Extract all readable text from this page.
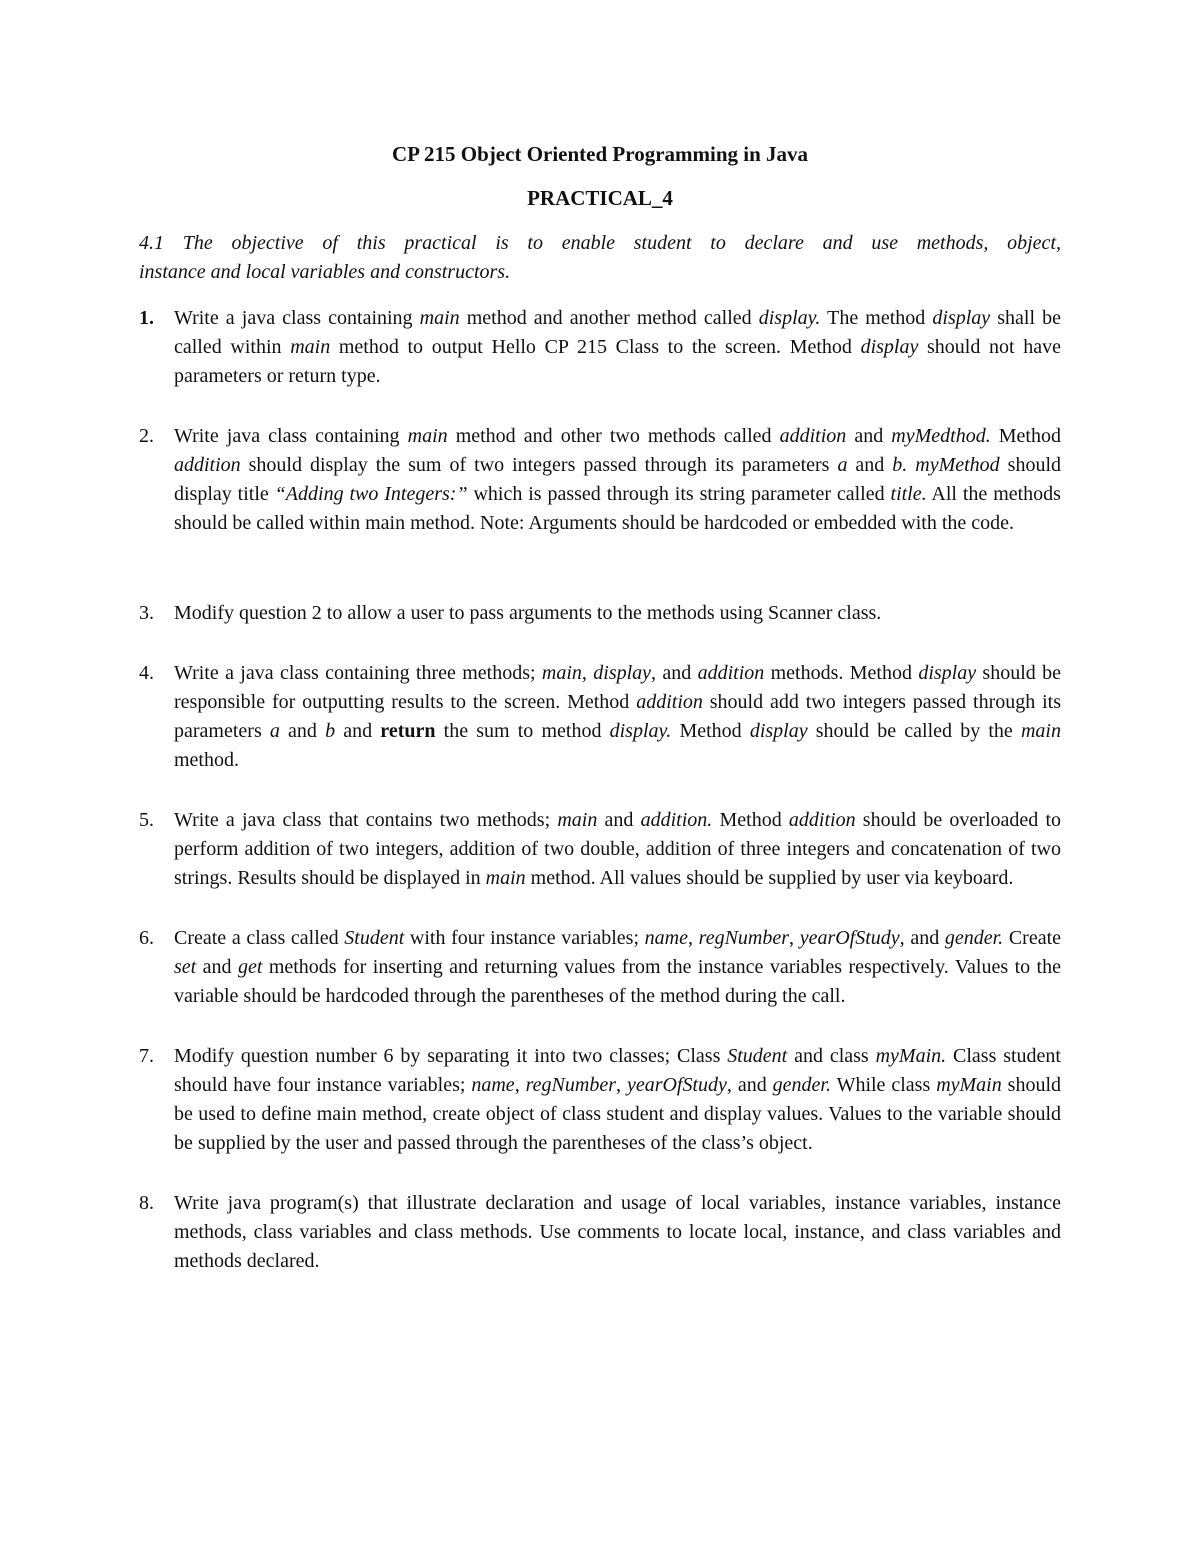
CP 215 Object Oriented Programming in Java

PRACTICAL_4

4.1 The objective of this practical is to enable student to declare and use methods, object,
instance and local variables and constructors.

1.	Write a java class containing main method and another method called display. The method display shall be called within main method to output Hello CP 215 Class to the screen. Method display should not have parameters or return type.
2.	Write java class containing main method and other two methods called addition and myMedthod. Method addition should display the sum of two integers passed through its parameters a and b. myMethod should display title “Adding two Integers:” which is passed through its string parameter called title. All the methods should be called within main method. Note: Arguments should be hardcoded or embedded with the code.
3.	Modify question 2 to allow a user to pass arguments to the methods using Scanner class.
4.	Write a java class containing three methods; main, display, and addition methods. Method display should be responsible for outputting results to the screen. Method addition should add two integers passed through its parameters a and b and return the sum to method display. Method display should be called by the main method.
5.	Write a java class that contains two methods; main and addition. Method addition should be overloaded to perform addition of two integers, addition of two double, addition of three integers and concatenation of two strings. Results should be displayed in main method. All values should be supplied by user via keyboard.
6.	Create a class called Student with four instance variables; name, regNumber, yearOfStudy, and gender. Create set and get methods for inserting and returning values from the instance variables respectively. Values to the variable should be hardcoded through the parentheses of the method during the call.
7.	Modify question number 6 by separating it into two classes; Class Student and class myMain. Class student should have four instance variables; name, regNumber, yearOfStudy, and gender. While class myMain should be used to define main method, create object of class student and display values. Values to the variable should be supplied by the user and passed through the parentheses of the class’s object.
8.	Write java program(s) that illustrate declaration and usage of local variables, instance variables, instance methods, class variables and class methods. Use comments to locate local, instance, and class variables and methods declared.
